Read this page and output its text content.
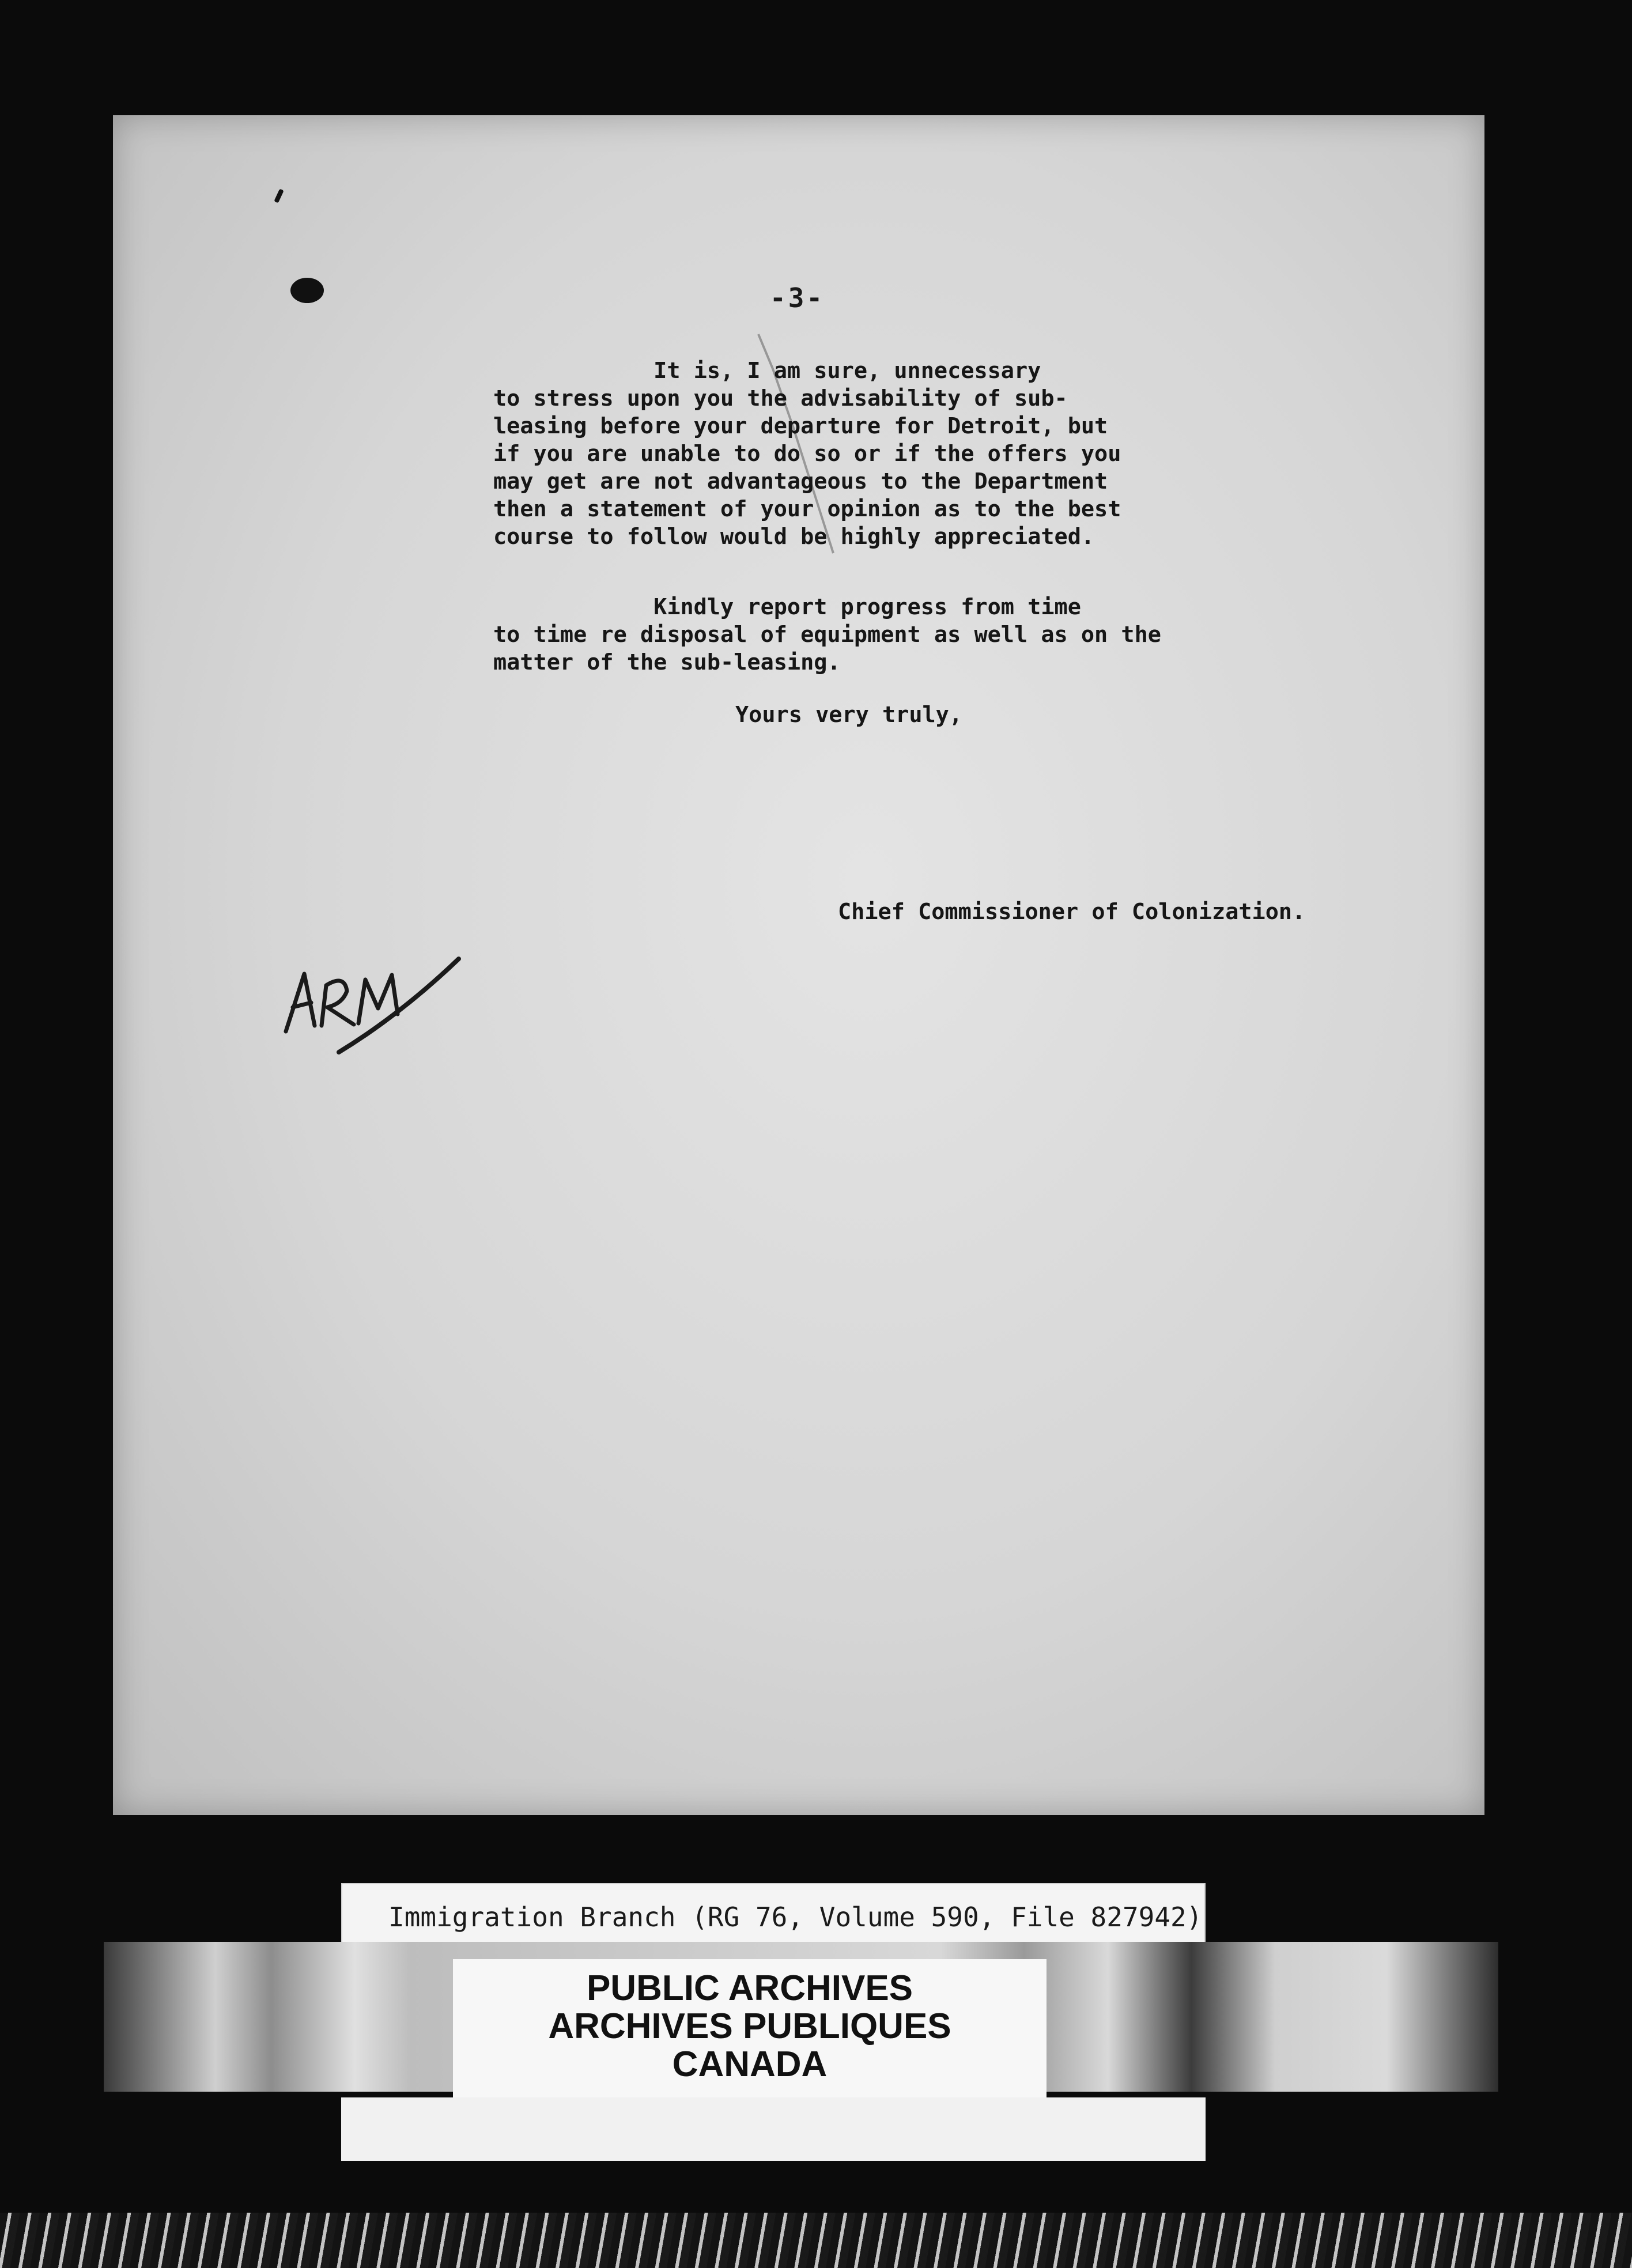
-3-
It is, I am sure, unnecessary
to stress upon you the advisability of sub-
leasing before your departure for Detroit, but
if you are unable to do so or if the offers you
may get are not advantageous to the Department
then a statement of your opinion as to the best
course to follow would be highly appreciated.
Kindly report progress from time
to time re disposal of equipment as well as on the
matter of the sub-leasing.
Yours very truly,
Chief Commissioner of Colonization.
Immigration Branch (RG 76, Volume 590, File 827942)
PUBLIC ARCHIVES
ARCHIVES PUBLIQUES
CANADA
